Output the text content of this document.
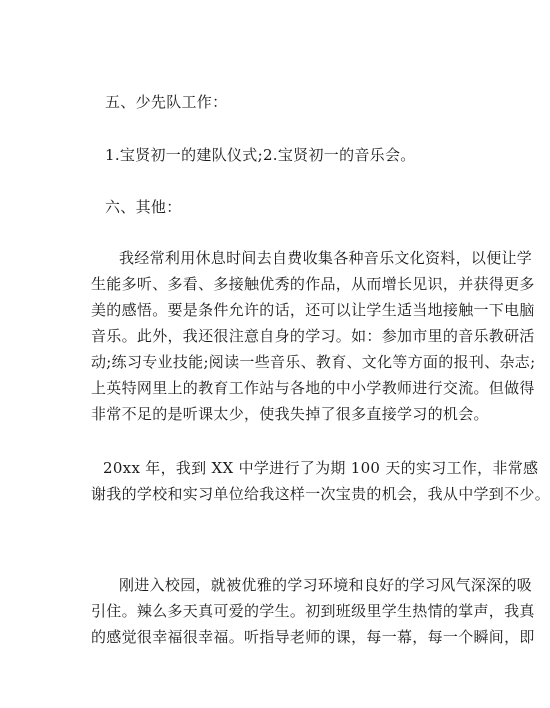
五、少先队工作：
1.宝贤初一的建队仪式;2.宝贤初一的音乐会。
六、其他：
我经常利用休息时间去自费收集各种音乐文化资料，以便让学
生能多听、多看、多接触优秀的作品，从而增长见识，并获得更多
美的感悟。要是条件允许的话，还可以让学生适当地接触一下电脑
音乐。此外，我还很注意自身的学习。如：参加市里的音乐教研活
动;练习专业技能;阅读一些音乐、教育、文化等方面的报刊、杂志;
上英特网里上的教育工作站与各地的中小学教师进行交流。但做得
非常不足的是听课太少，使我失掉了很多直接学习的机会。
20xx 年，我到 XX 中学进行了为期 100 天的实习工作，非常感
谢我的学校和实习单位给我这样一次宝贵的机会，我从中学到不少。
刚进入校园，就被优雅的学习环境和良好的学习风气深深的吸
引住。辣么多天真可爱的学生。初到班级里学生热情的掌声，我真
的感觉很幸福很幸福。听指导老师的课，每一幕，每一个瞬间，即
